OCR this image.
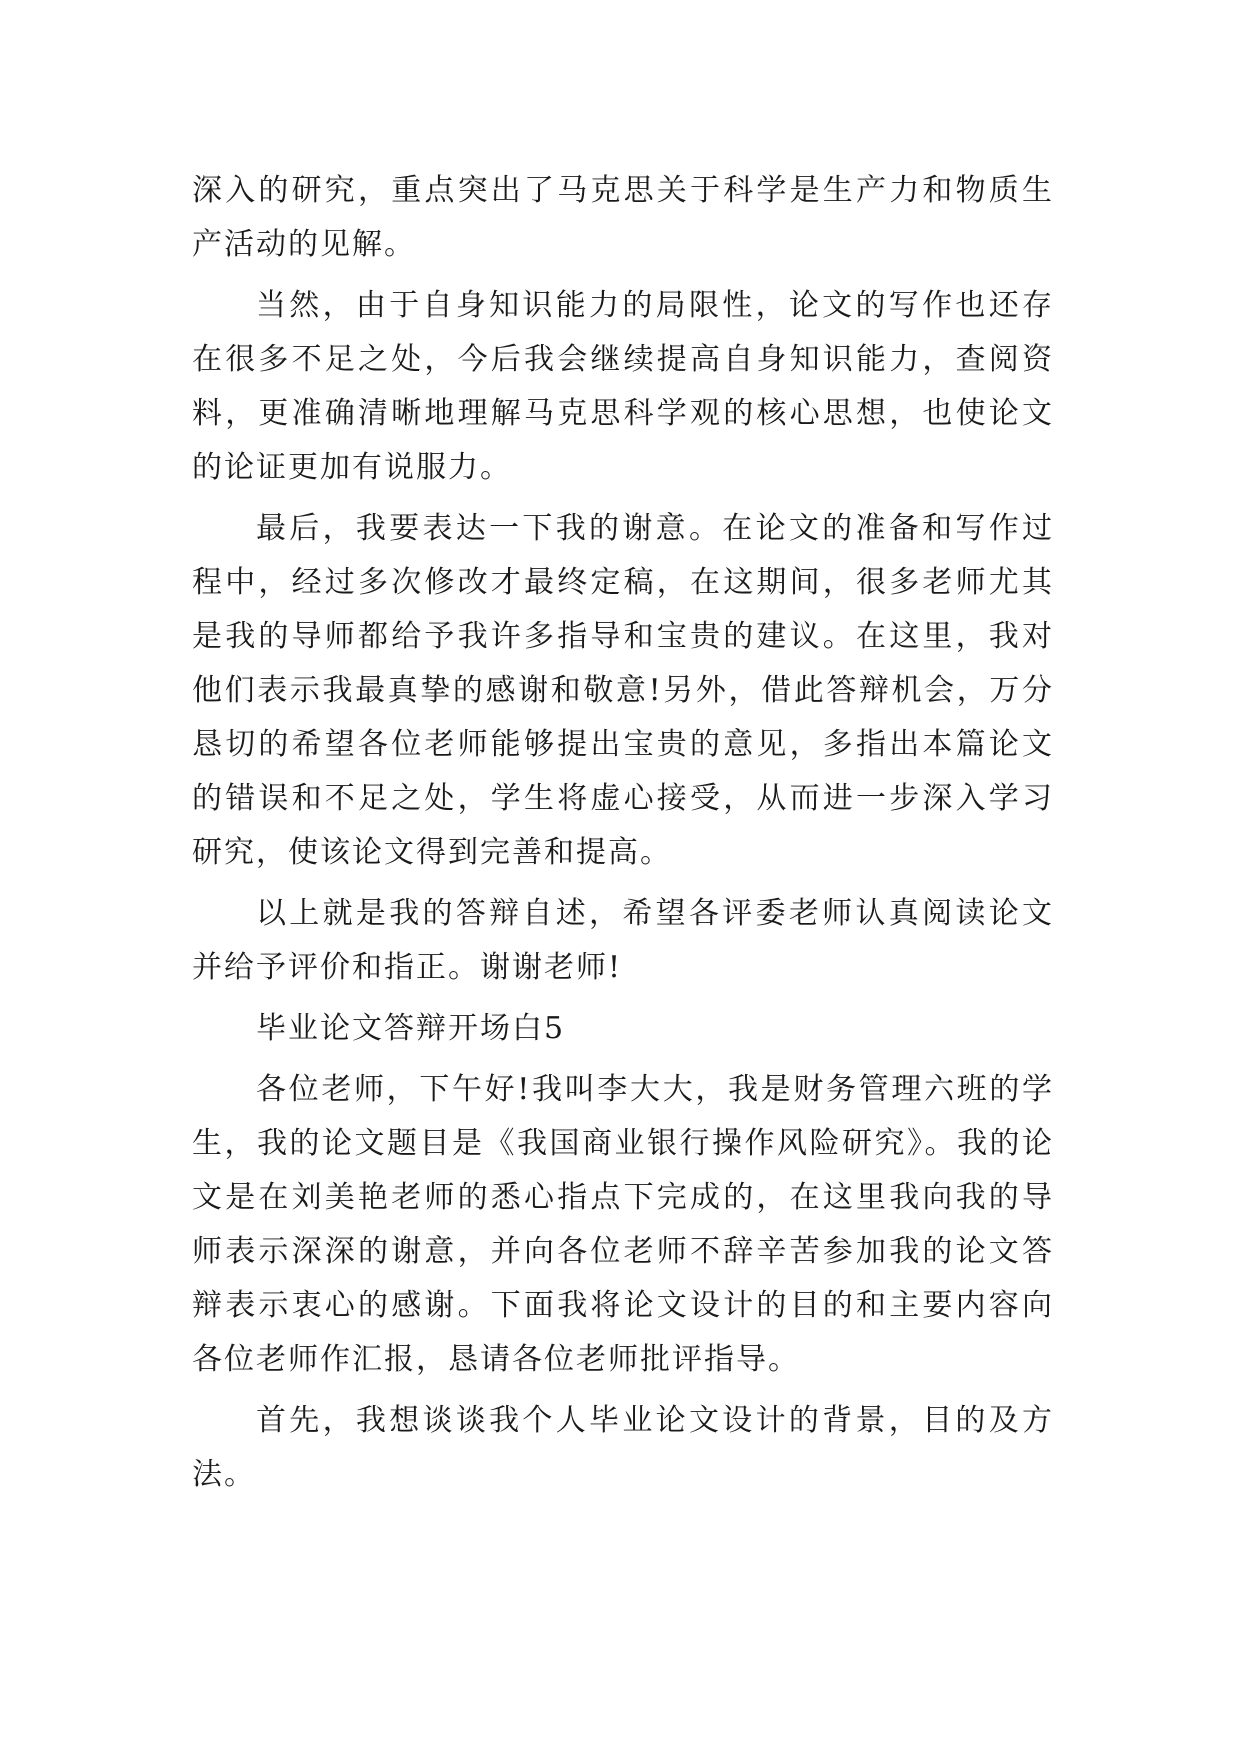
深入的研究，重点突出了马克思关于科学是生产力和物质生产活动的见解。

当然，由于自身知识能力的局限性，论文的写作也还存在很多不足之处，今后我会继续提高自身知识能力，查阅资料，更准确清晰地理解马克思科学观的核心思想，也使论文的论证更加有说服力。

最后，我要表达一下我的谢意。在论文的准备和写作过程中，经过多次修改才最终定稿，在这期间，很多老师尤其是我的导师都给予我许多指导和宝贵的建议。在这里，我对他们表示我最真挚的感谢和敬意!另外，借此答辩机会，万分恳切的希望各位老师能够提出宝贵的意见，多指出本篇论文的错误和不足之处，学生将虚心接受，从而进一步深入学习研究，使该论文得到完善和提高。

以上就是我的答辩自述，希望各评委老师认真阅读论文并给予评价和指正。谢谢老师!

毕业论文答辩开场白5

各位老师，下午好!我叫李大大，我是财务管理六班的学生，我的论文题目是《我国商业银行操作风险研究》。我的论文是在刘美艳老师的悉心指点下完成的，在这里我向我的导师表示深深的谢意，并向各位老师不辞辛苦参加我的论文答辩表示衷心的感谢。下面我将论文设计的目的和主要内容向各位老师作汇报，恳请各位老师批评指导。

首先，我想谈谈我个人毕业论文设计的背景，目的及方法。
